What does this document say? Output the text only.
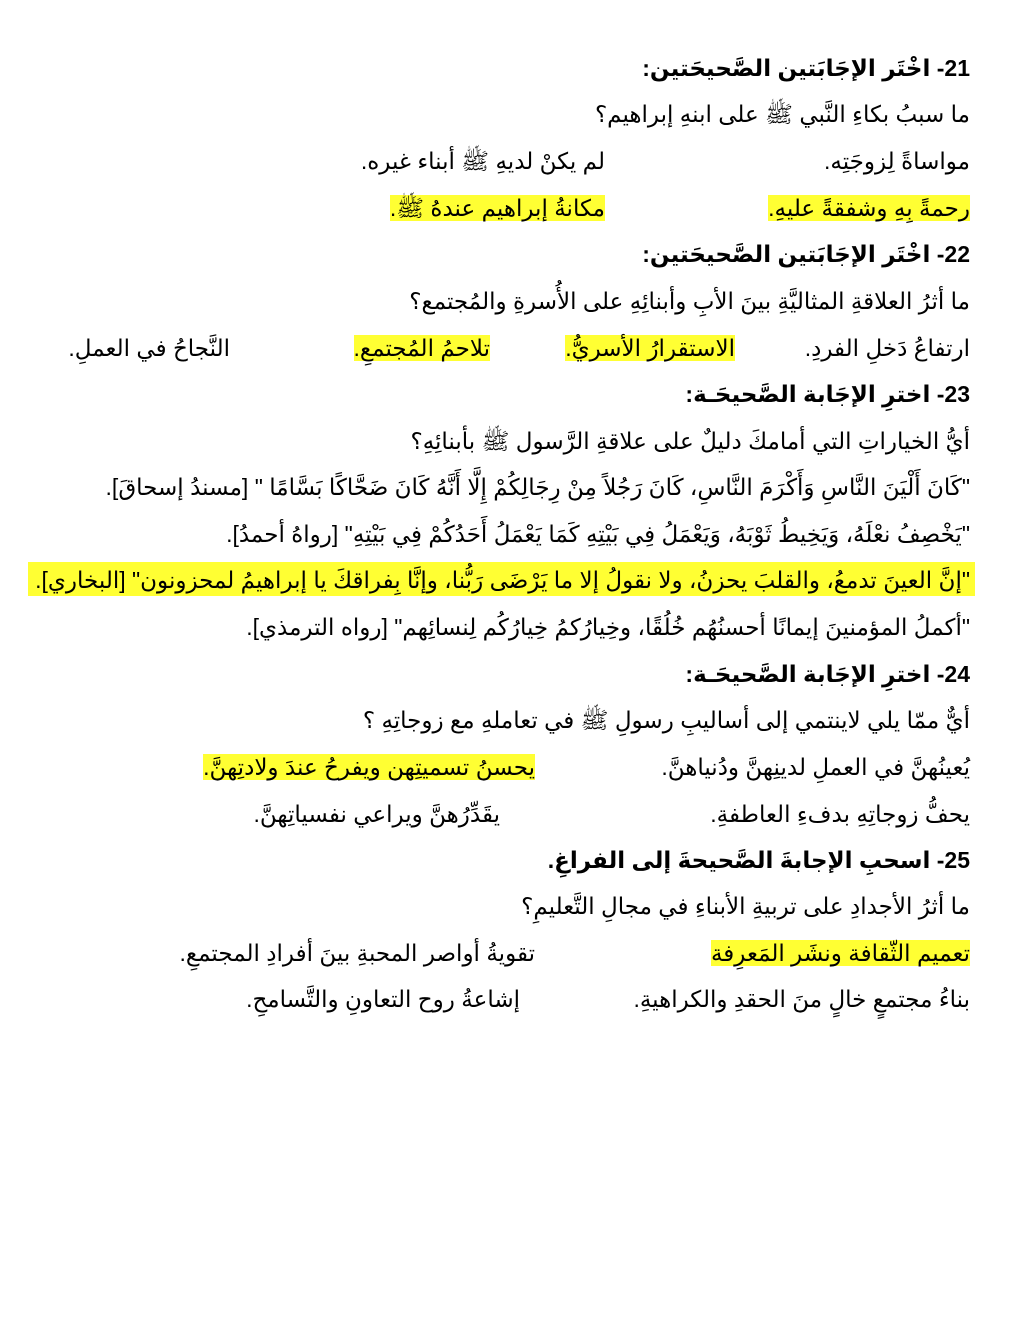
21- اخْتَر الإجَابَتين الصَّحيحَتين:
ما سببُ بكاءِ النَّبي ﷺ على ابنهِ إبراهيم؟
مواساةً لِزوجَتِه.
لم يكنْ لديهِ ﷺ أبناء غيره.
رحمةً بِهِ وشفقةً عليهِ.
مكانةُ إبراهيم عندهُ ﷺ.
22- اخْتَر الإجَابَتين الصَّحيحَتين:
ما أثرُ العلاقةِ المثاليَّةِ بينَ الأبِ وأبنائِهِ على الأُسرةِ والمُجتمع؟
ارتفاعُ دَخلِ الفردِ.
الاستقرارُ الأسريُّ.
تلاحمُ المُجتمعِ.
النَّجاحُ في العملِ.
23- اخترِ الإجَابة الصَّحيحَـة:
أيُّ الخياراتِ التي أمامكَ دليلٌ على علاقةِ الرَّسول ﷺ بأبنائِهِ؟
"كَانَ أَلْيَنَ النَّاسِ وَأَكْرَمَ النَّاسِ، كَانَ رَجُلاً مِنْ رِجَالِكُمْ إِلَّا أَنَّهُ كَانَ ضَحَّاكًا بَسَّامًا " [مسندُ إسحاقَ].
"يَخْصِفُ نعْلَهُ، وَيَخِيطُ ثَوْبَهُ، وَيَعْمَلُ فِي بَيْتِهِ كَمَا يَعْمَلُ أَحَدُكُمْ فِي بَيْتِهِ" [رواهُ أحمدُ].
"إنَّ العينَ تدمعُ، والقلبَ يحزنُ، ولا نقولُ إلا ما يَرْضَى رَبُّنا، وإنَّا بِفراقكَ يا إبراهيمُ لمحزونون" [البخاري].
"أكملُ المؤمنينَ إيمانًا أحسنُهُم خُلُقًا، وخِيارُكمُ خِيارُكُم لِنسائِهم" [رواه الترمذي].
24- اخترِ الإجَابة الصَّحيحَـة:
أيٌّ ممّا يلي لاينتمي إلى أساليبِ رسولِ ﷺ في تعاملهِ مع زوجاتِهِ ؟
يُعينُهنَّ في العملِ لدينِهنَّ ودُنياهنَّ.
يحسنُ تسميتِهن ويفرحُ عندَ ولادتِهنَّ.
يحفُّ زوجاتِهِ بدفءِ العاطفةِ.
يقَدِّرُهنَّ ويراعي نفسياتِهنَّ.
25- اسحبِ الإجابةَ الصَّحيحةَ إلى الفراغِ.
ما أثرُ الأجدادِ على تربيةِ الأبناءِ في مجالِ التَّعليمِ؟
تعميم الثّقافة ونشَر المَعرِفة
تقويةُ أواصر المحبةِ بينَ أفرادِ المجتمعِ.
بناءُ مجتمعٍ خالٍ منَ الحقدِ والكراهيةِ.
إشاعةُ روح التعاونِ والتَّسامحِ.
